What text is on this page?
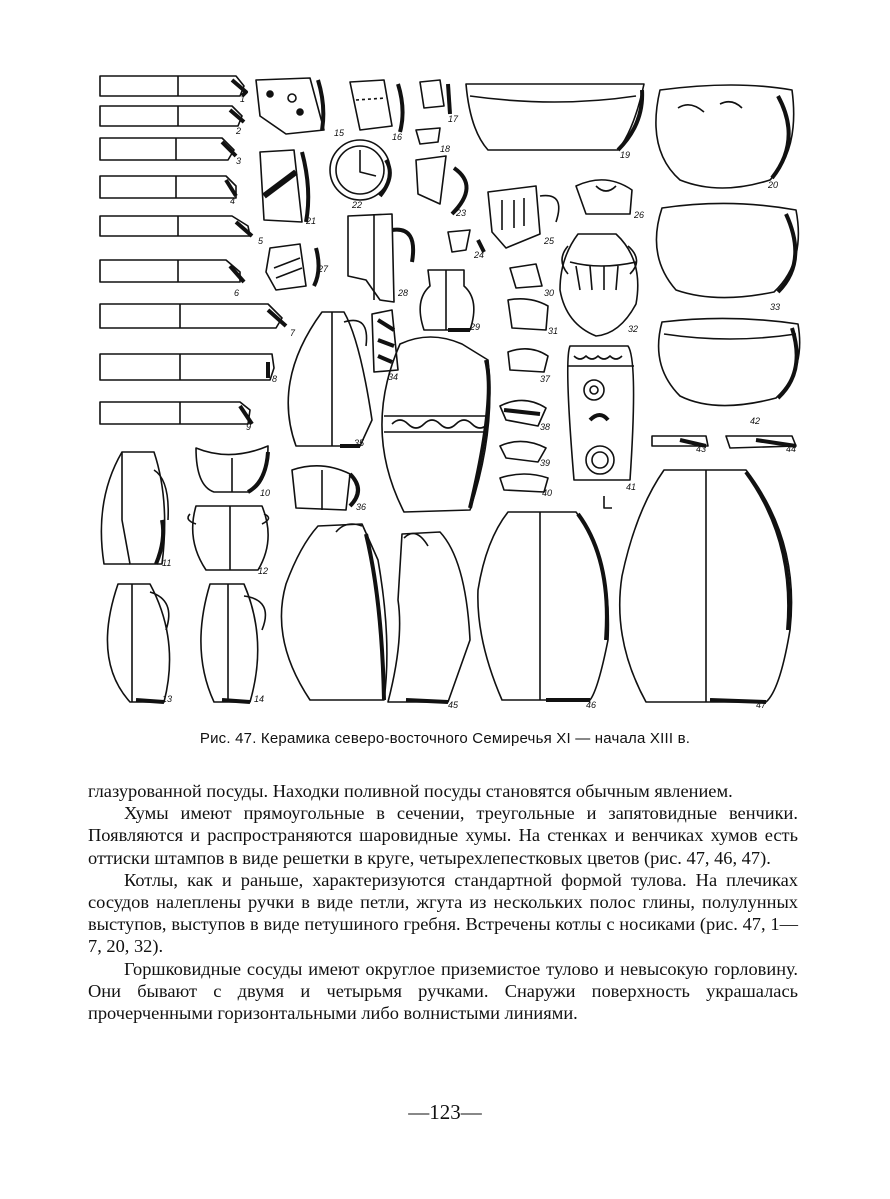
1
2
3
4
5
6
7
8
9
10
11
12
13	14
15	16
17
18
19
20
21
22
23
24
25
26
27
28
29
30
31	32
33
34
35
36
37
38
39
40
41
42
43	44
45	46	47
Рис. 47. Керамика северо-восточного Семиречья XI — начала XIII в.

глазурованной посуды. Находки поливной посуды становятся обычным явлением.

Хумы имеют прямоугольные в сечении, треугольные и запятовидные венчики. Появляются и распространяются шаровидные хумы. На стенках и венчиках хумов есть оттиски штампов в виде решетки в круге, четырехлепестковых цветов (рис. 47, 46, 47).

Котлы, как и раньше, характеризуются стандартной формой тулова. На плечиках сосудов налеплены ручки в виде петли, жгута из нескольких полос глины, полулунных выступов, выступов в виде петушиного гребня. Встречены котлы с носиками (рис. 47, 1—7, 20, 32).

Горшковидные сосуды имеют округлое приземистое тулово и невысокую горловину. Они бывают с двумя и четырьмя ручками. Снаружи поверхность украшалась прочерченными горизонтальными либо волнистыми линиями.

—123—
